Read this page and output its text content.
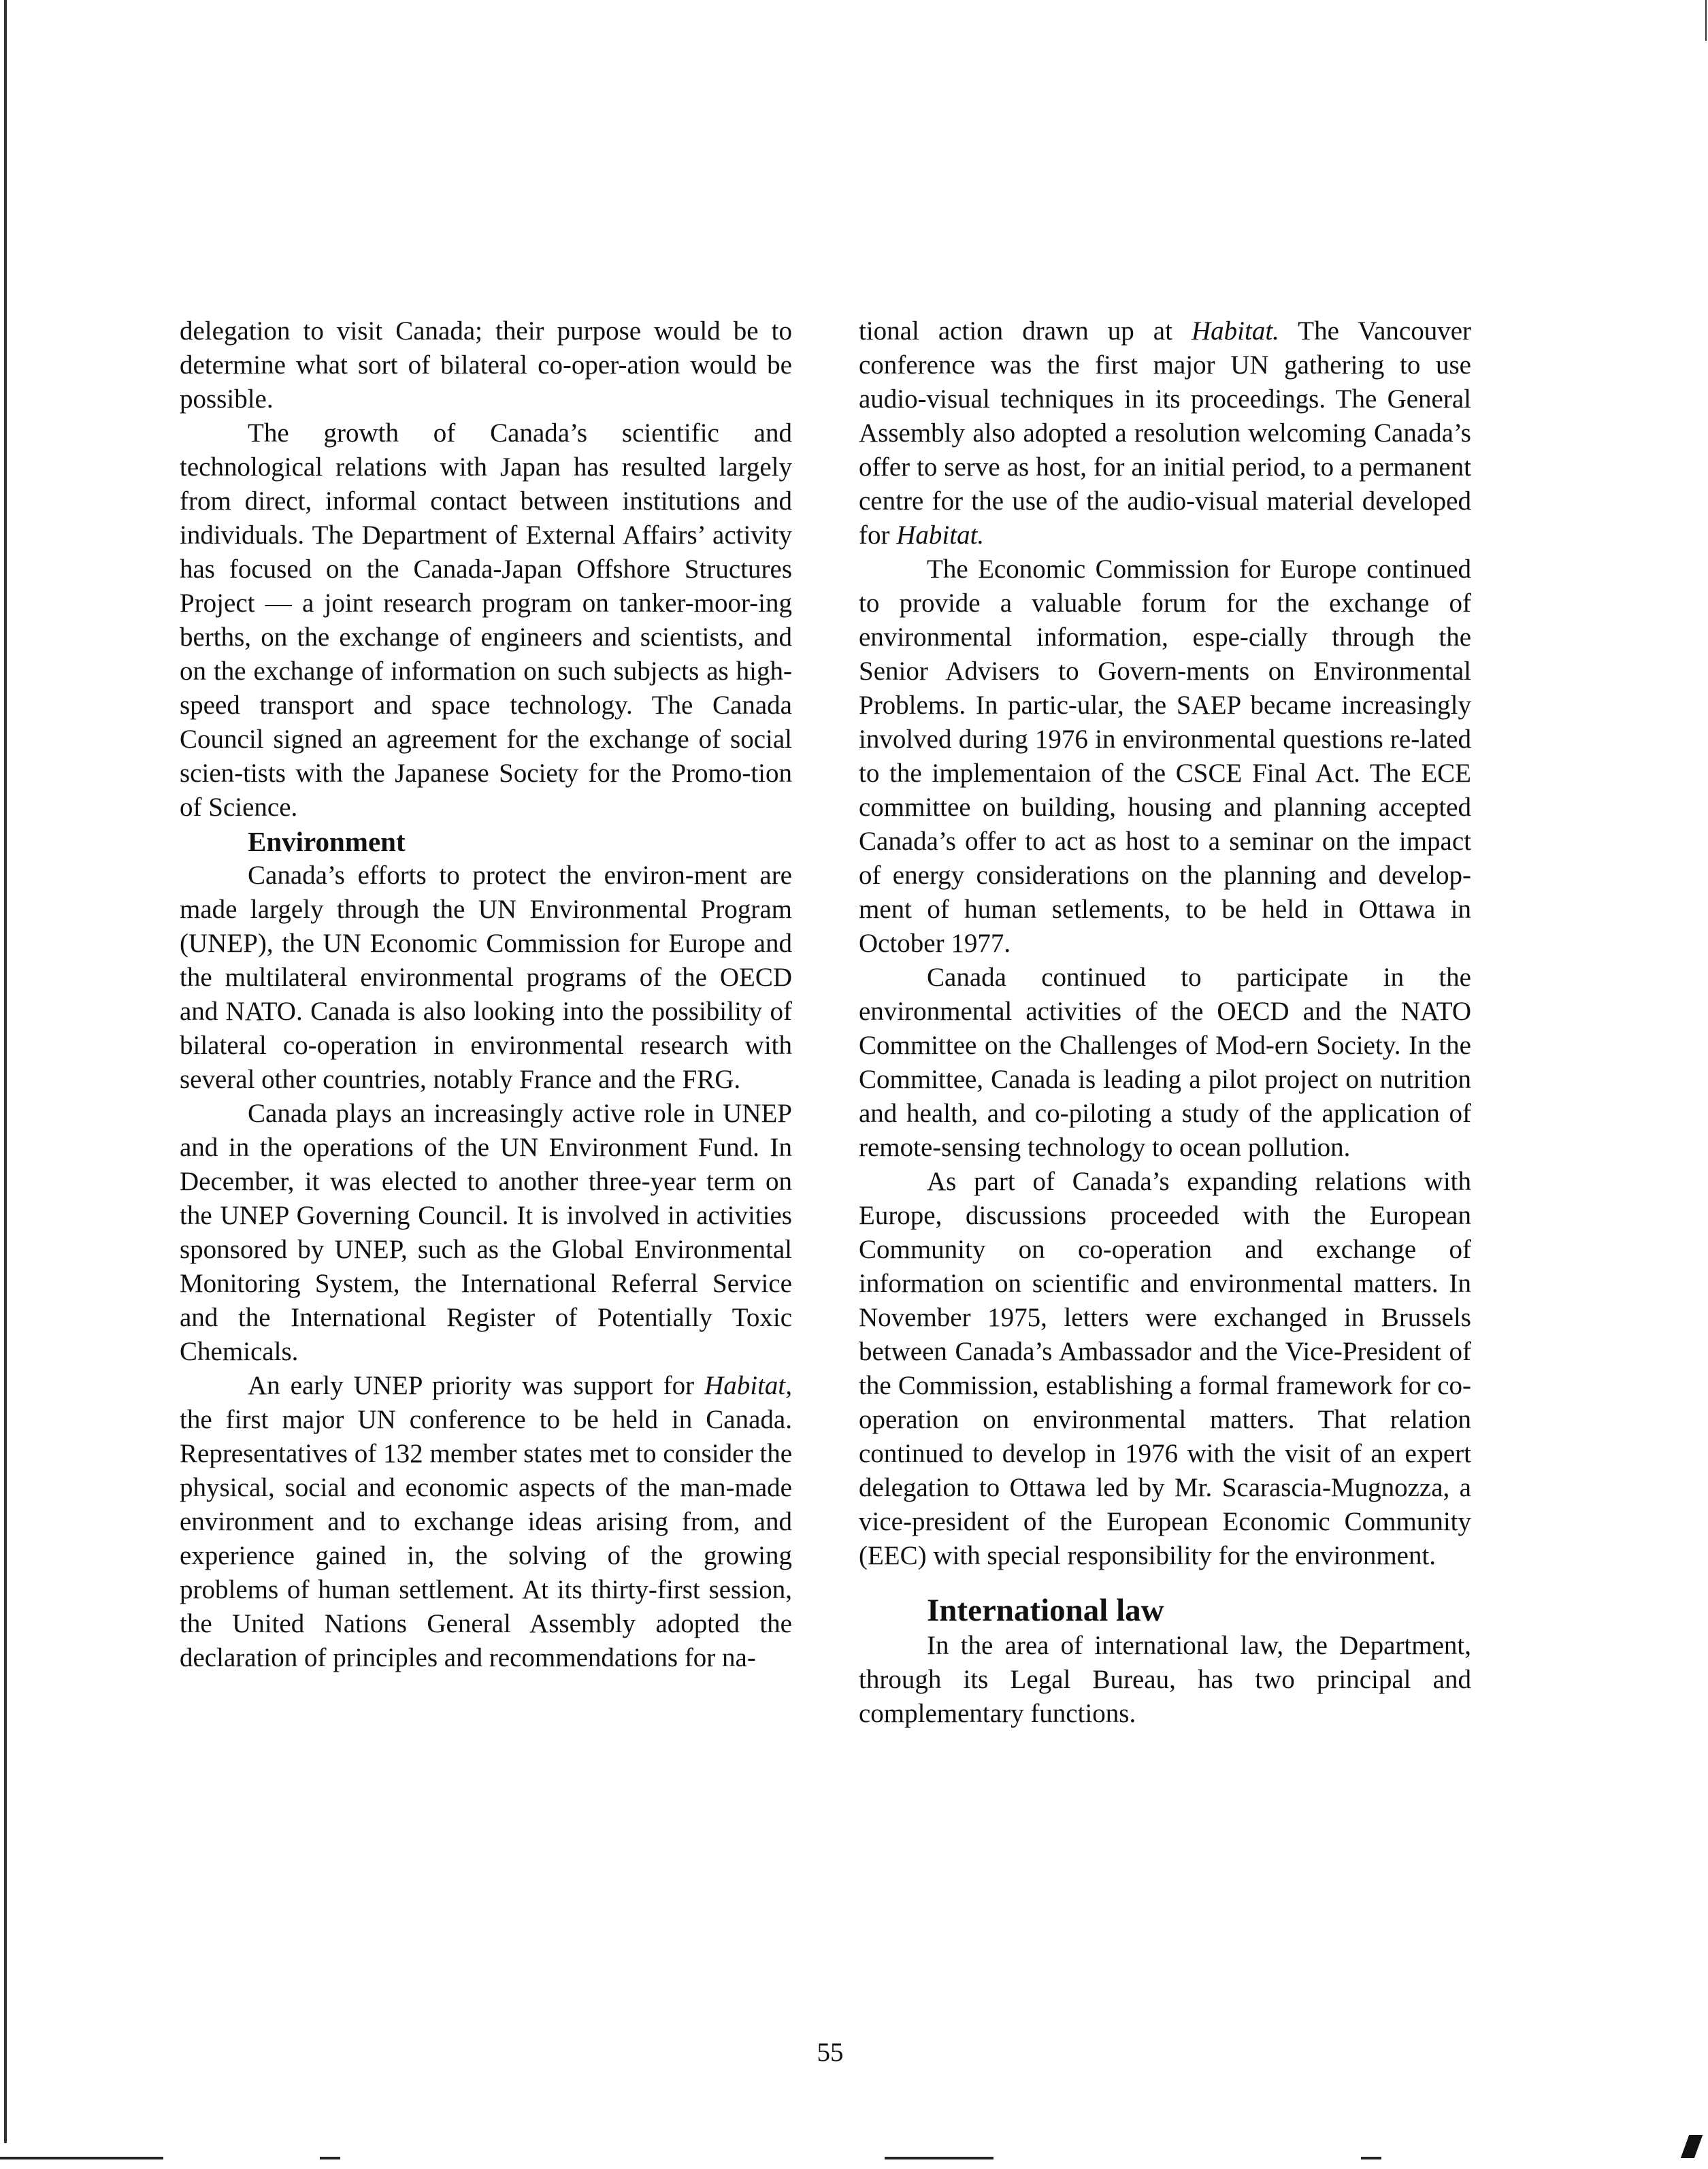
delegation to visit Canada; their purpose would be to determine what sort of bilateral co-oper-ation would be possible.

The growth of Canada’s scientific and technological relations with Japan has resulted largely from direct, informal contact between institutions and individuals. The Department of External Affairs’ activity has focused on the Canada-Japan Offshore Structures Project — a joint research program on tanker-moor-ing berths, on the exchange of engineers and scientists, and on the exchange of information on such subjects as high-speed transport and space technology. The Canada Council signed an agreement for the exchange of social scien-tists with the Japanese Society for the Promo-tion of Science.

Environment

Canada’s efforts to protect the environ-ment are made largely through the UN Environmental Program (UNEP), the UN Economic Commission for Europe and the multilateral environmental programs of the OECD and NATO. Canada is also looking into the possibility of bilateral co-operation in environmental research with several other countries, notably France and the FRG.

Canada plays an increasingly active role in UNEP and in the operations of the UN Environment Fund. In December, it was elected to another three-year term on the UNEP Governing Council. It is involved in activities sponsored by UNEP, such as the Global Environmental Monitoring System, the International Referral Service and the International Register of Potentially Toxic Chemicals.

An early UNEP priority was support for Habitat, the first major UN conference to be held in Canada. Representatives of 132 member states met to consider the physical, social and economic aspects of the man-made environment and to exchange ideas arising from, and experience gained in, the solving of the growing problems of human settlement. At its thirty-first session, the United Nations General Assembly adopted the declaration of principles and recommendations for na-

tional action drawn up at Habitat. The Vancouver conference was the first major UN gathering to use audio-visual techniques in its proceedings. The General Assembly also adopted a resolution welcoming Canada’s offer to serve as host, for an initial period, to a permanent centre for the use of the audio-visual material developed for Habitat.

The Economic Commission for Europe continued to provide a valuable forum for the exchange of environmental information, espe-cially through the Senior Advisers to Govern-ments on Environmental Problems. In partic-ular, the SAEP became increasingly involved during 1976 in environmental questions re-lated to the implementaion of the CSCE Final Act. The ECE committee on building, housing and planning accepted Canada’s offer to act as host to a seminar on the impact of energy considerations on the planning and develop-ment of human setlements, to be held in Ottawa in October 1977.

Canada continued to participate in the environmental activities of the OECD and the NATO Committee on the Challenges of Mod-ern Society. In the Committee, Canada is leading a pilot project on nutrition and health, and co-piloting a study of the application of remote-sensing technology to ocean pollution.

As part of Canada’s expanding relations with Europe, discussions proceeded with the European Community on co-operation and exchange of information on scientific and environmental matters. In November 1975, letters were exchanged in Brussels between Canada’s Ambassador and the Vice-President of the Commission, establishing a formal framework for co-operation on environmental matters. That relation continued to develop in 1976 with the visit of an expert delegation to Ottawa led by Mr. Scarascia-Mugnozza, a vice-president of the European Economic Community (EEC) with special responsibility for the environment.

International law

In the area of international law, the Department, through its Legal Bureau, has two principal and complementary functions.

55
